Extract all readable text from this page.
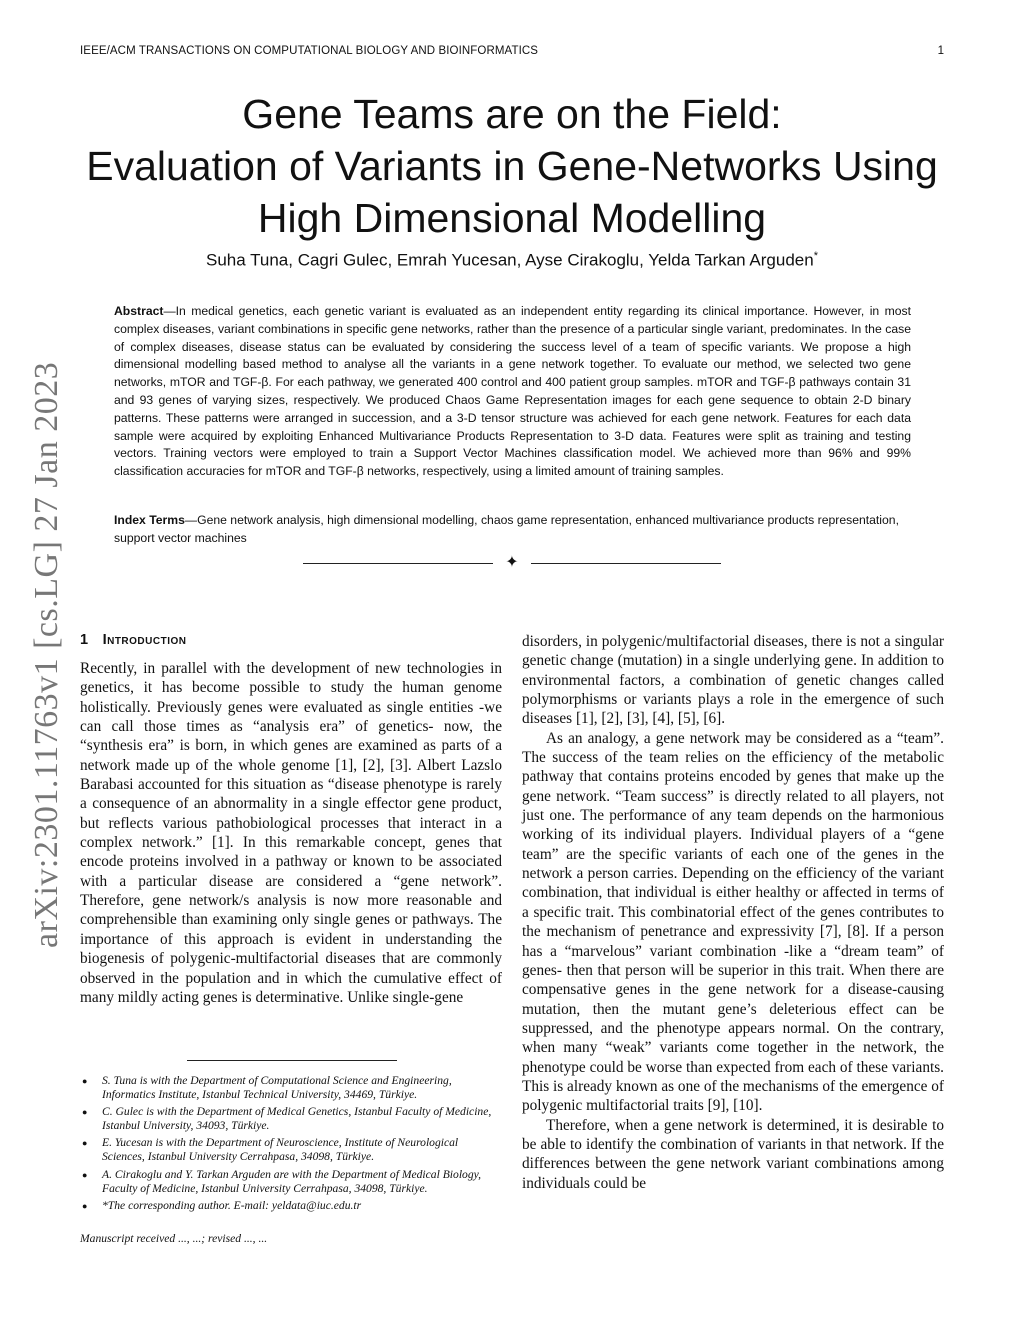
IEEE/ACM TRANSACTIONS ON COMPUTATIONAL BIOLOGY AND BIOINFORMATICS	1
Gene Teams are on the Field:
Evaluation of Variants in Gene-Networks Using
High Dimensional Modelling
Suha Tuna, Cagri Gulec, Emrah Yucesan, Ayse Cirakoglu, Yelda Tarkan Arguden*

Abstract—In medical genetics, each genetic variant is evaluated as an independent entity regarding its clinical importance. However, in most complex diseases, variant combinations in specific gene networks, rather than the presence of a particular single variant, predominates. In the case of complex diseases, disease status can be evaluated by considering the success level of a team of specific variants. We propose a high dimensional modelling based method to analyse all the variants in a gene network together. To evaluate our method, we selected two gene networks, mTOR and TGF-β. For each pathway, we generated 400 control and 400 patient group samples. mTOR and TGF-β pathways contain 31 and 93 genes of varying sizes, respectively. We produced Chaos Game Representation images for each gene sequence to obtain 2-D binary patterns. These patterns were arranged in succession, and a 3-D tensor structure was achieved for each gene network. Features for each data sample were acquired by exploiting Enhanced Multivariance Products Representation to 3-D data. Features were split as training and testing vectors. Training vectors were employed to train a Support Vector Machines classification model. We achieved more than 96% and 99% classification accuracies for mTOR and TGF-β networks, respectively, using a limited amount of training samples.

Index Terms—Gene network analysis, high dimensional modelling, chaos game representation, enhanced multivariance products representation, support vector machines

✦
arXiv:2301.11763v1 [cs.LG] 27 Jan 2023 1 Introduction

Recently, in parallel with the development of new technologies in genetics, it has become possible to study the human genome holistically. Previously genes were evaluated as single entities -we can call those times as “analysis era” of genetics- now, the “synthesis era” is born, in which genes are examined as parts of a network made up of the whole genome [1], [2], [3]. Albert Lazslo Barabasi accounted for this situation as “disease phenotype is rarely a consequence of an abnormality in a single effector gene product, but reflects various pathobiological processes that interact in a complex network.” [1]. In this remarkable concept, genes that encode proteins involved in a pathway or known to be associated with a particular disease are considered a “gene network”. Therefore, gene network/s analysis is now more reasonable and comprehensible than examining only single genes or pathways. The importance of this approach is evident in understanding the biogenesis of polygenic-multifactorial diseases that are commonly observed in the population and in which the cumulative effect of many mildly acting genes is determinative. Unlike single-gene

disorders, in polygenic/multifactorial diseases, there is not a singular genetic change (mutation) in a single underlying gene. In addition to environmental factors, a combination of genetic changes called polymorphisms or variants plays a role in the emergence of such diseases [1], [2], [3], [4], [5], [6].

As an analogy, a gene network may be considered as a “team”. The success of the team relies on the efficiency of the metabolic pathway that contains proteins encoded by genes that make up the gene network. “Team success” is directly related to all players, not just one. The performance of any team depends on the harmonious working of its individual players. Individual players of a “gene team” are the specific variants of each one of the genes in the network a person carries. Depending on the efficiency of the variant combination, that individual is either healthy or affected in terms of a specific trait. This combinatorial effect of the genes contributes to the mechanism of penetrance and expressivity [7], [8]. If a person has a “marvelous” variant combination -like a “dream team” of genes- then that person will be superior in this trait. When there are compensative genes in the gene network for a disease-causing mutation, then the mutant gene’s deleterious effect can be suppressed, and the phenotype appears normal. On the contrary, when many “weak” variants come together in the network, the phenotype could be worse than expected from each of these variants. This is already known as one of the mechanisms of the emergence of polygenic multifactorial traits [9], [10].

Therefore, when a gene network is determined, it is desirable to be able to identify the combination of variants in that network. If the differences between the gene network variant combinations among individuals could be

● S. Tuna is with the Department of Computational Science and Engineering, Informatics Institute, Istanbul Technical University, 34469, Türkiye.
● C. Gulec is with the Department of Medical Genetics, Istanbul Faculty of Medicine, Istanbul University, 34093, Türkiye.
● E. Yucesan is with the Department of Neuroscience, Institute of Neurological Sciences, Istanbul University Cerrahpasa, 34098, Türkiye.
● A. Cirakoglu and Y. Tarkan Arguden are with the Department of Medical Biology, Faculty of Medicine, Istanbul University Cerrahpasa, 34098, Türkiye.
● *The corresponding author. E-mail: yeldata@iuc.edu.tr
Manuscript received ..., ...; revised ..., ...
